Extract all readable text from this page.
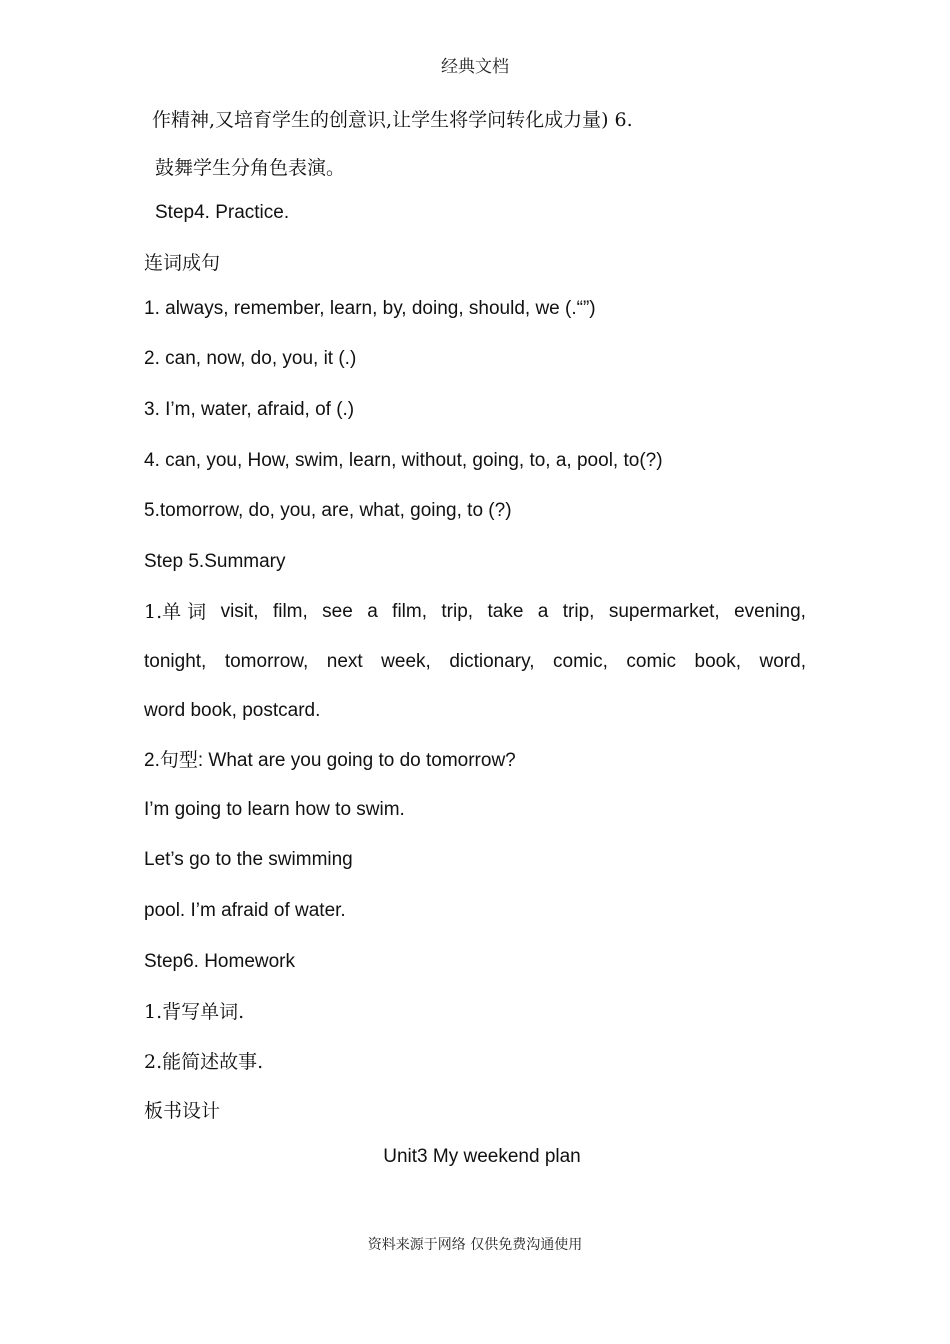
经典文档
作精神,又培育学生的创意识,让学生将学问转化成力量) 6.
鼓舞学生分角色表演。
Step4. Practice.
连词成句
1. always, remember, learn, by, doing, should, we (.“”)
2. can, now, do, you, it (.)
3. I’m, water, afraid, of (.)
4. can, you, How, swim, learn, without, going, to, a, pool, to(?)
5.tomorrow, do, you, are, what, going, to (?)
Step 5.Summary
1.单 词 visit, film, see a film, trip, take a trip, supermarket, evening,
tonight, tomorrow, next week, dictionary, comic, comic book, word,
word book, postcard.
2.句型: What are you going to do tomorrow?
I’m going to learn how to swim.
Let’s go to the swimming
pool. I’m afraid of water.
Step6. Homework
1.背写单词.
2.能简述故事.
板书设计
Unit3 My weekend plan
资料来源于网络 仅供免费沟通使用
